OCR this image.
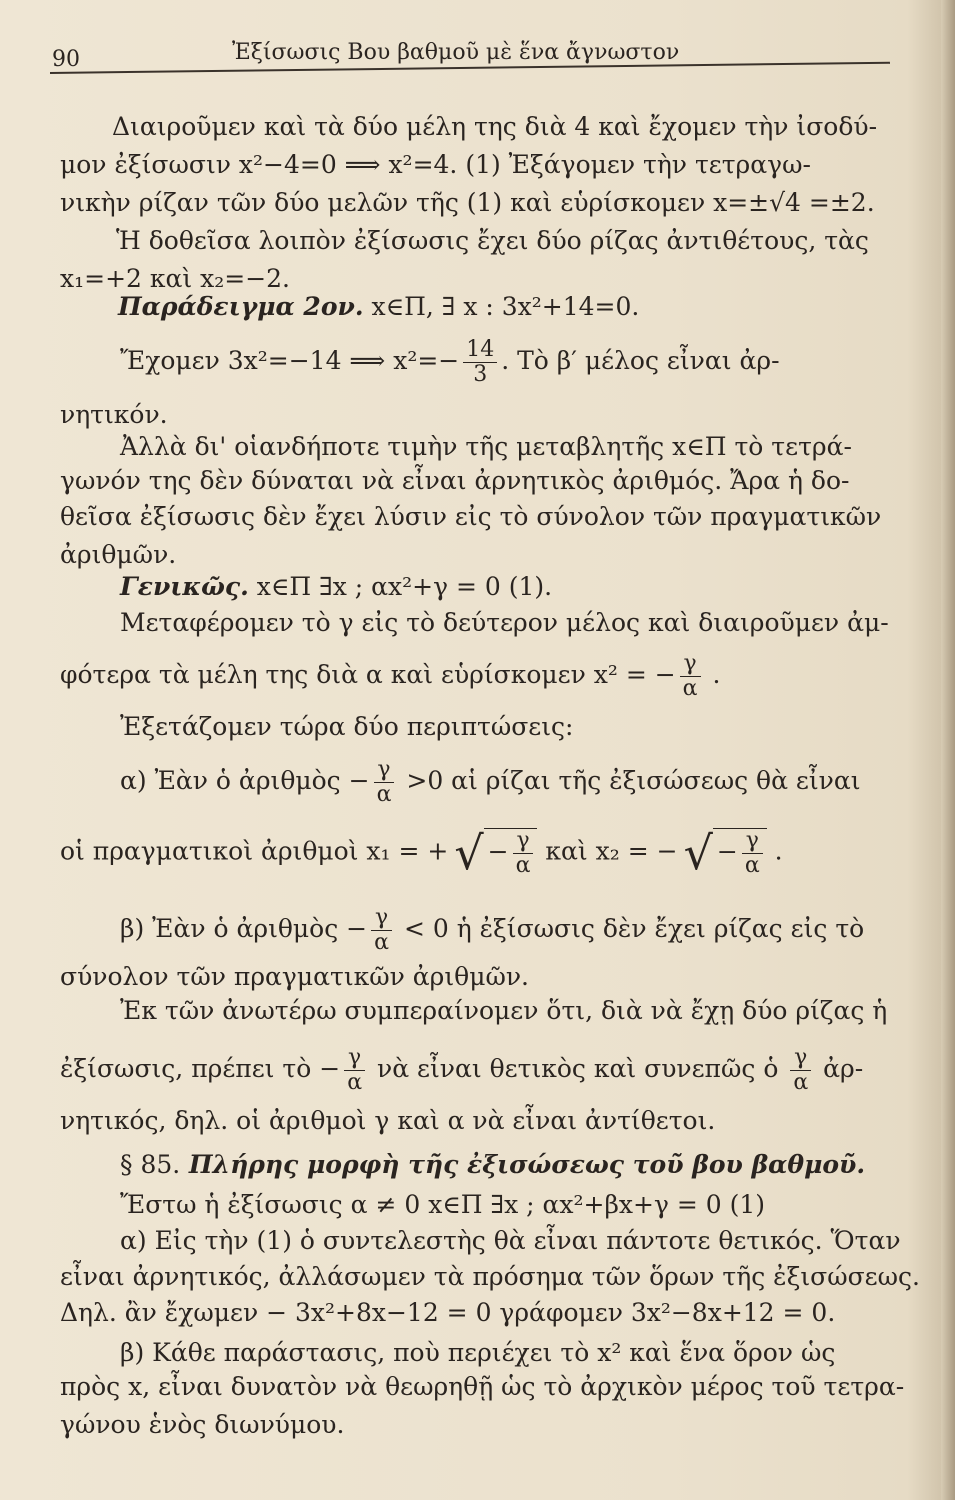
90	Ἐξίσωσις Βου βαθμοῦ μὲ ἕνα ἄγνωστον
Διαιροῦμεν καὶ τὰ δύο μέλη της διὰ 4 καὶ ἔχομεν τὴν ἰσοδύ-
μον ἐξίσωσιν x²−4=0 ⟹ x²=4. (1) Ἐξάγομεν τὴν τετραγω-
νικὴν ρίζαν τῶν δύο μελῶν τῆς (1) καὶ εὑρίσκομεν x=±√4 =±2.
Ἡ δοθεῖσα λοιπὸν ἐξίσωσις ἔχει δύο ρίζας ἀντιθέτους, τὰς
x₁=+2 καὶ x₂=−2.
Παράδειγμα 2ον. x∈Π, ∃ x : 3x²+14=0.
Ἔχομεν 3x²=−14 ⟹ $x^2=- \frac{14}{3}$ . Τὸ β′ μέλος εἶναι ἀρ-
νητικόν.
Ἀλλὰ δι' οἱανδήποτε τιμὴν τῆς μεταβλητῆς x∈Π τὸ τετρά-
γωνόν της δὲν δύναται νὰ εἶναι ἀρνητικὸς ἀριθμός. Ἄρα ἡ δο-
θεῖσα ἐξίσωσις δὲν ἔχει λύσιν εἰς τὸ σύνολον τῶν πραγματικῶν
ἀριθμῶν.
Γενικῶς. x∈Π ∃x ; αx²+γ = 0 (1).
Μεταφέρομεν τὸ γ εἰς τὸ δεύτερον μέλος καὶ διαιροῦμεν ἀμ-
φότερα τὰ μέλη της διὰ α καὶ εὑρίσκομεν x² = − $\frac{\gamma}{\alpha}$ .
Ἐξετάζομεν τώρα δύο περιπτώσεις:
α) Ἐὰν ὁ ἀριθμὸς − $\frac{\gamma}{\alpha} >0$ αἱ ρίζαι τῆς ἐξισώσεως θὰ εἶναι
οἱ πραγματικοὶ ἀριθμοὶ x₁ = + √ − $\frac{\gamma}{\alpha}$ καὶ x₂ = − √ − $\frac{\gamma}{\alpha}$ .
β) Ἐὰν ὁ ἀριθμὸς − $\frac{\gamma}{\alpha} < 0$ ἡ ἐξίσωσις δὲν ἔχει ρίζας εἰς τὸ
σύνολον τῶν πραγματικῶν ἀριθμῶν.
Ἐκ τῶν ἀνωτέρω συμπεραίνομεν ὅτι, διὰ νὰ ἔχῃ δύο ρίζας ἡ
ἐξίσωσις, πρέπει τὸ − $\frac{\gamma}{\alpha}$ νὰ εἶναι θετικὸς καὶ συνεπῶς ὁ $\frac{\gamma}{\alpha}$ ἀρ-
νητικός, δηλ. οἱ ἀριθμοὶ γ καὶ α νὰ εἶναι ἀντίθετοι.
§ 85. Πλήρης μορφὴ τῆς ἐξισώσεως τοῦ βου βαθμοῦ.
Ἔστω ἡ ἐξίσωσις α ≠ 0 x∈Π ∃x ; αx²+βx+γ = 0 (1)
α) Εἰς τὴν (1) ὁ συντελεστὴς θὰ εἶναι πάντοτε θετικός. Ὅταν
εἶναι ἀρνητικός, ἀλλάσωμεν τὰ πρόσημα τῶν ὅρων τῆς ἐξισώσεως.
Δηλ. ἂν ἔχωμεν − 3x²+8x−12 = 0 γράφομεν 3x²−8x+12 = 0.
β) Κάθε παράστασις, ποὺ περιέχει τὸ x² καὶ ἕνα ὅρον ὡς
πρὸς x, εἶναι δυνατὸν νὰ θεωρηθῇ ὡς τὸ ἀρχικὸν μέρος τοῦ τετρα-
γώνου ἑνὸς διωνύμου.
